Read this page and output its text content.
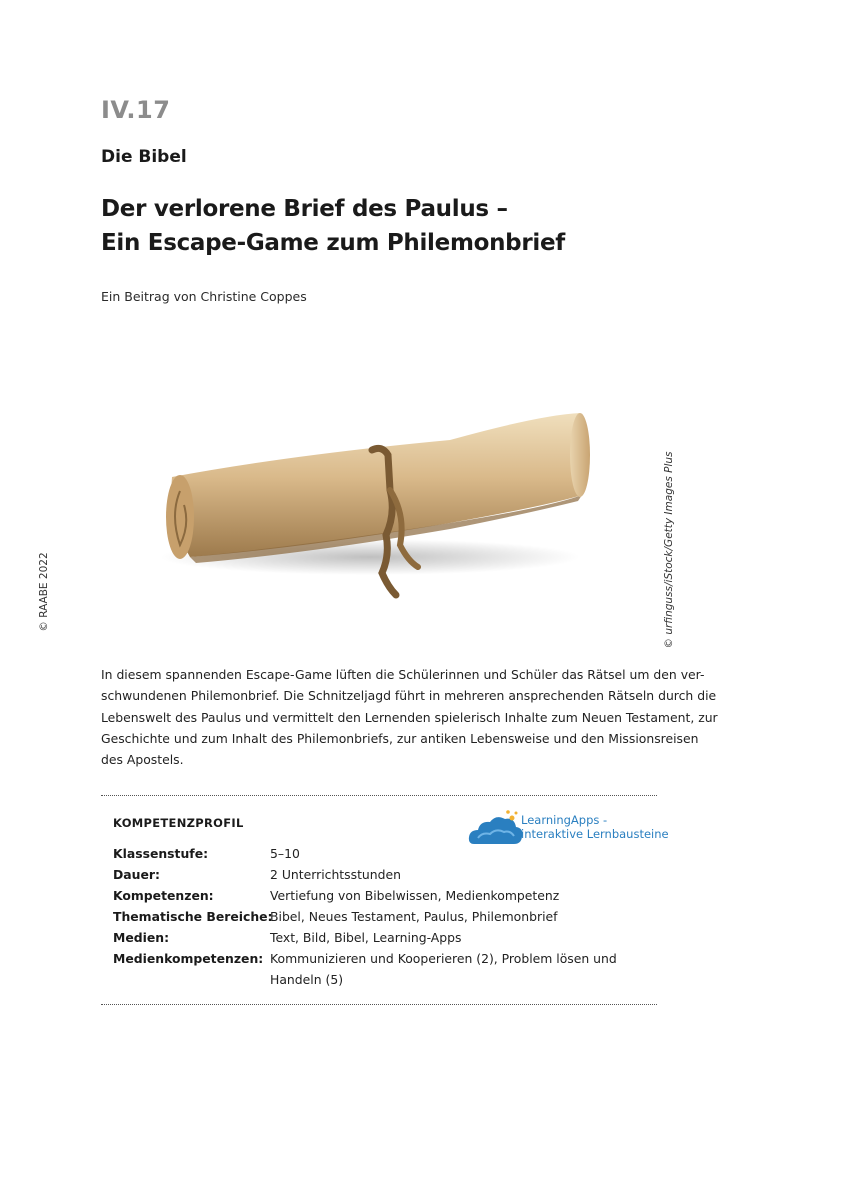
IV.17
Die Bibel
Der verlorene Brief des Paulus –
Ein Escape-Game zum Philemonbrief
Ein Beitrag von Christine Coppes
© RAABE 2022	© urfinguss/iStock/Getty Images Plus
In diesem spannenden Escape-Game lüften die Schülerinnen und Schüler das Rätsel um den ver-
schwundenen Philemonbrief. Die Schnitzeljagd führt in mehreren ansprechenden Rätseln durch die
Lebenswelt des Paulus und vermittelt den Lernenden spielerisch Inhalte zum Neuen Testament, zur
Geschichte und zum Inhalt des Philemonbriefs, zur antiken Lebensweise und den Missionsreisen
des Apostels.
KOMPETENZPROFIL	LearningApps -
interaktive Lernbausteine
Klassenstufe:	5–10
Dauer:	2 Unterrichtsstunden
Kompetenzen:	Vertiefung von Bibelwissen, Medienkompetenz
Thematische Bereiche:
Bibel, Neues Testament, Paulus, Philemonbrief
Medien:	Text, Bild, Bibel, Learning-Apps
Medienkompetenzen: Kommunizieren und Kooperieren (2), Problem lösen und
Handeln (5)
